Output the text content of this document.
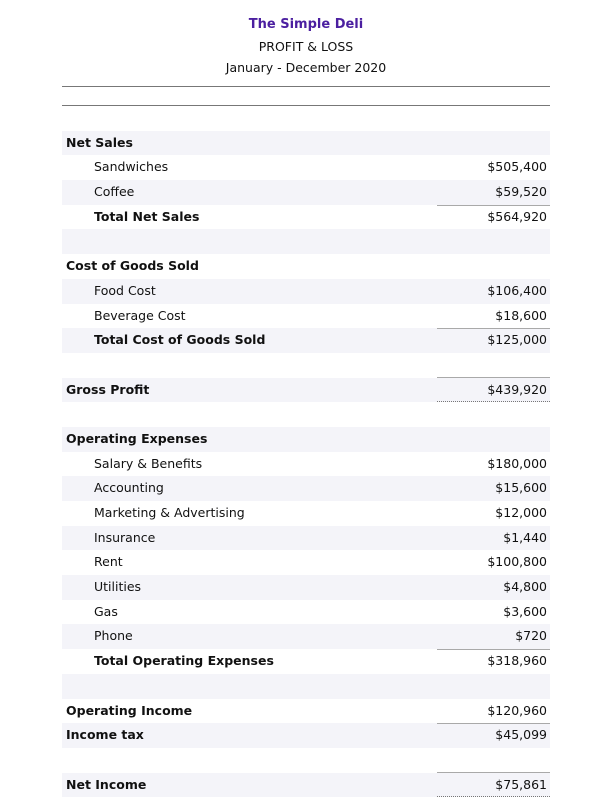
The Simple Deli
PROFIT & LOSS
January - December 2020
Net Sales
Sandwiches	$505,400
Coffee	$59,520
Total Net Sales	$564,920
Cost of Goods Sold
Food Cost	$106,400
Beverage Cost	$18,600
Total Cost of Goods Sold	$125,000
Gross Profit	$439,920
Operating Expenses
Salary & Benefits	$180,000
Accounting	$15,600
Marketing & Advertising	$12,000
Insurance	$1,440
Rent	$100,800
Utilities	$4,800
Gas	$3,600
Phone	$720
Total Operating Expenses	$318,960
Operating Income	$120,960
Income tax	$45,099
Net Income	$75,861
